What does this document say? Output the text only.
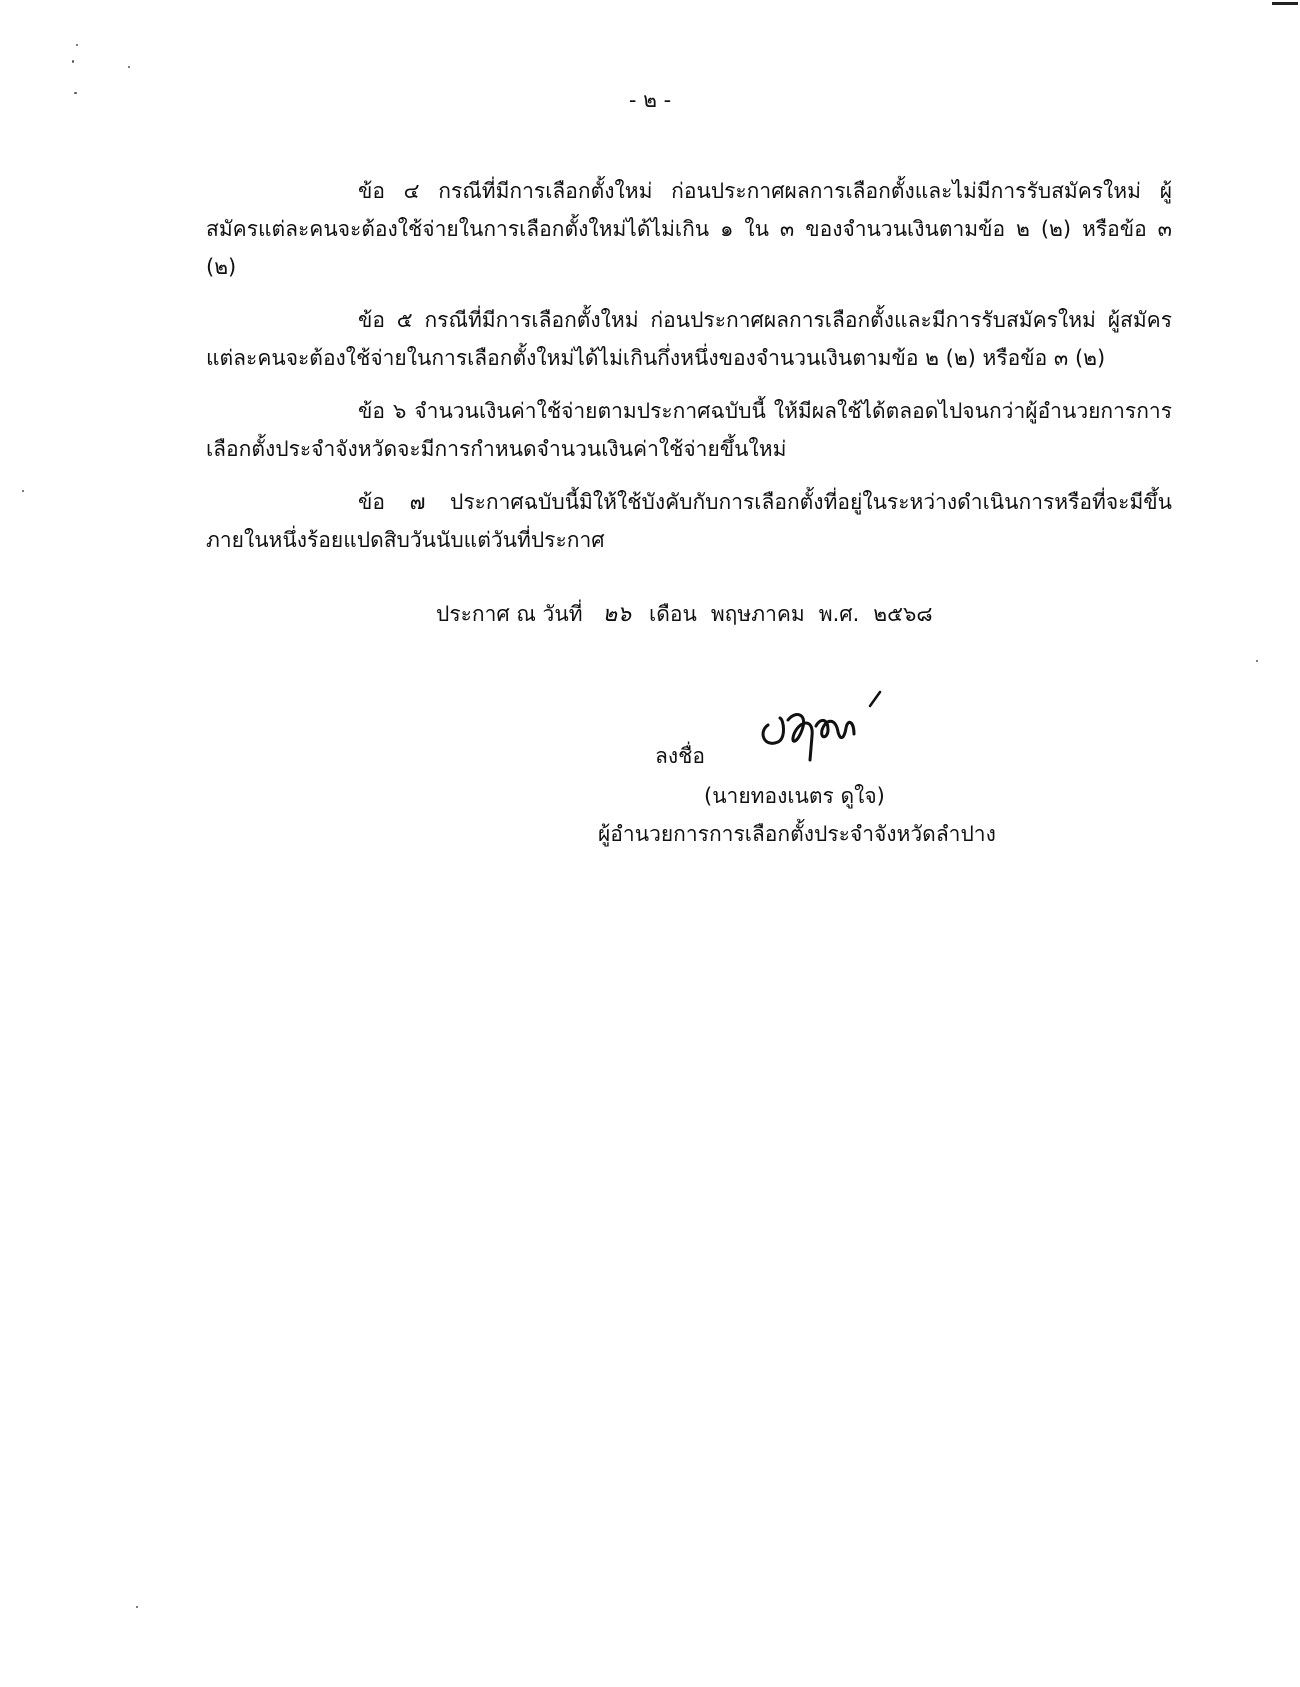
- ๒ -

ข้อ ๔ กรณีที่มีการเลือกตั้งใหม่ ก่อนประกาศผลการเลือกตั้งและไม่มีการรับสมัครใหม่ ผู้สมัครแต่ละคนจะต้องใช้จ่ายในการเลือกตั้งใหม่ได้ไม่เกิน ๑ ใน ๓ ของจำนวนเงินตามข้อ ๒ (๒) หรือข้อ ๓ (๒)

ข้อ ๕ กรณีที่มีการเลือกตั้งใหม่ ก่อนประกาศผลการเลือกตั้งและมีการรับสมัครใหม่ ผู้สมัครแต่ละคนจะต้องใช้จ่ายในการเลือกตั้งใหม่ได้ไม่เกินกึ่งหนึ่งของจำนวนเงินตามข้อ ๒ (๒) หรือข้อ ๓ (๒)

ข้อ ๖ จำนวนเงินค่าใช้จ่ายตามประกาศฉบับนี้ ให้มีผลใช้ได้ตลอดไปจนกว่าผู้อำนวยการการเลือกตั้งประจำจังหวัดจะมีการกำหนดจำนวนเงินค่าใช้จ่ายขึ้นใหม่

ข้อ ๗ ประกาศฉบับนี้มิให้ใช้บังคับกับการเลือกตั้งที่อยู่ในระหว่างดำเนินการหรือที่จะมีขึ้นภายในหนึ่งร้อยแปดสิบวันนับแต่วันที่ประกาศ

ประกาศ ณ วันที่ ๒๖ เดือน พฤษภาคม พ.ศ. ๒๕๖๘
ลงชื่อ
(นายทองเนตร ดูใจ)
ผู้อำนวยการการเลือกตั้งประจำจังหวัดลำปาง
